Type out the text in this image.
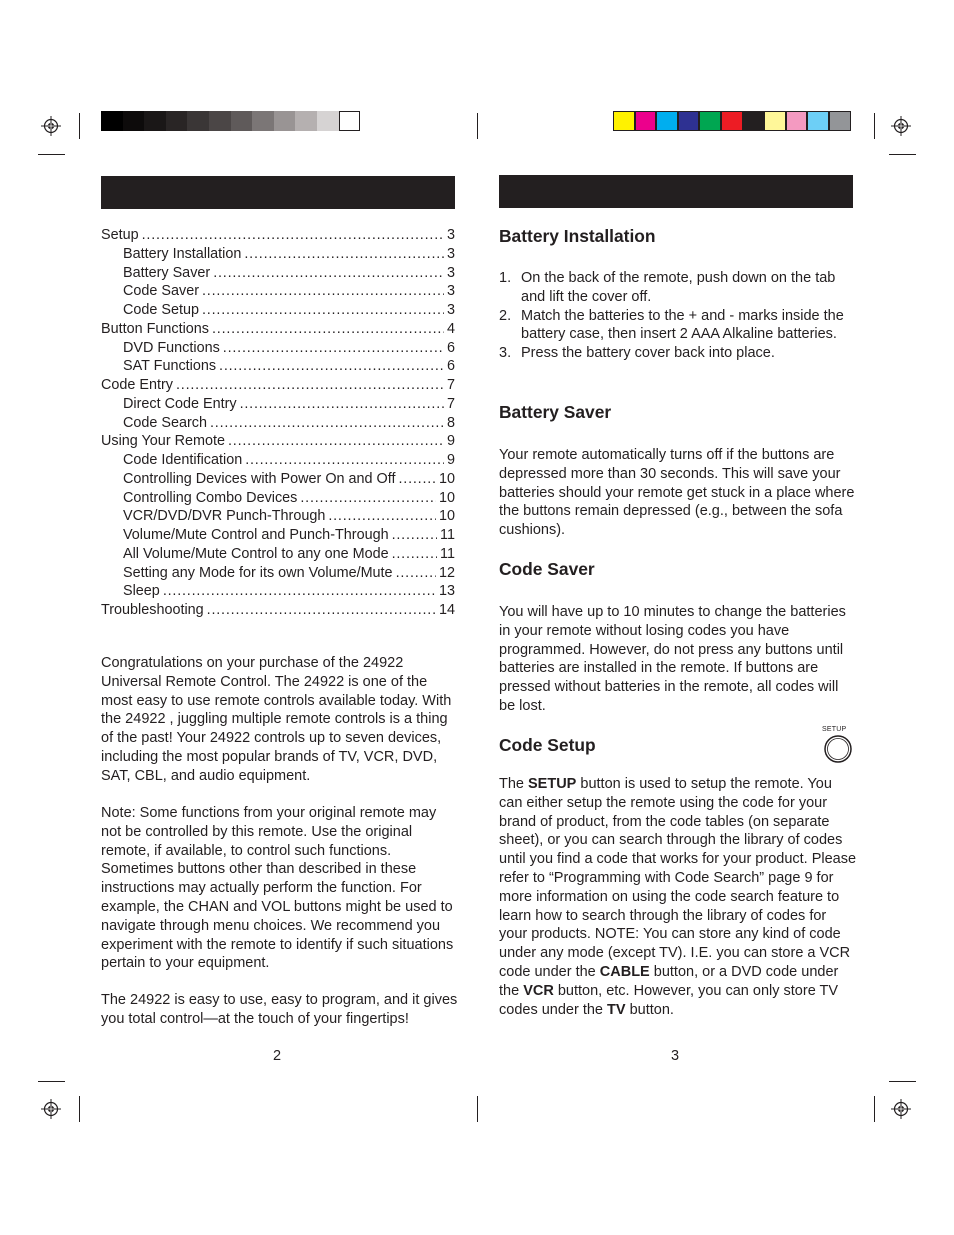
Setup . . .	3
Battery Installation . . .	3
Battery Saver . . .	3
Code Saver . . .	3
Code Setup . . .	3
Button Functions . . .	4
DVD Functions . . .	6
SAT Functions . . .	6
Code Entry . . .	7
Direct Code Entry . . .	7
Code Search . . .	8
Using Your Remote . . .	9
Code Identification . . .	9
Controlling Devices with Power On and Off . . .	10
Controlling Combo Devices . . .	10
VCR/DVD/DVR Punch-Through . . .	10
Volume/Mute Control and Punch-Through . . .	11
All Volume/Mute Control to any one Mode . . .	11
Setting any Mode for its own Volume/Mute . . .	12
Sleep . . .	13
Troubleshooting . . .	14

Congratulations on your purchase of the 24922 Universal Remote Control. The 24922 is one of the most easy to use remote controls available today. With the 24922 , juggling multiple remote controls is a thing of the past! Your 24922 controls up to seven devices, including the most popular brands of TV, VCR, DVD, SAT, CBL, and audio equipment.

Note: Some functions from your original remote may not be controlled by this remote. Use the original remote, if available, to control such functions. Sometimes buttons other than described in these instructions may actually perform the function. For example, the CHAN and VOL buttons might be used to navigate through menu choices. We recommend you experiment with the remote to identify if such situations pertain to your equipment.

The 24922 is easy to use, easy to program, and it gives you total control—at the touch of your fingertips!

2
Battery Installation
1. On the back of the remote, push down on the tab and lift the cover off.
2. Match the batteries to the + and - marks inside the battery case, then insert 2 AAA Alkaline batteries.
3. Press the battery cover back into place.
Battery Saver

Your remote automatically turns off if the buttons are depressed more than 30 seconds. This will save your batteries should your remote get stuck in a place where the buttons remain depressed (e.g., between the sofa cushions).

Code Saver

You will have up to 10 minutes to change the batteries in your remote without losing codes you have programmed. However, do not press any buttons until batteries are installed in the remote. If buttons are pressed without batteries in the remote, all codes will be lost.

Code Setup
SETUP

The SETUP button is used to setup the remote. You can either setup the remote using the code for your brand of product, from the code tables (on separate sheet), or you can search through the library of codes until you find a code that works for your product. Please refer to “Programming with Code Search” page 9 for more information on using the code search feature to learn how to search through the library of codes for your products. NOTE: You can store any kind of code under any mode (except TV). I.E. you can store a VCR code under the CABLE button, or a DVD code under the VCR button, etc. However, you can only store TV codes under the TV button.

3
